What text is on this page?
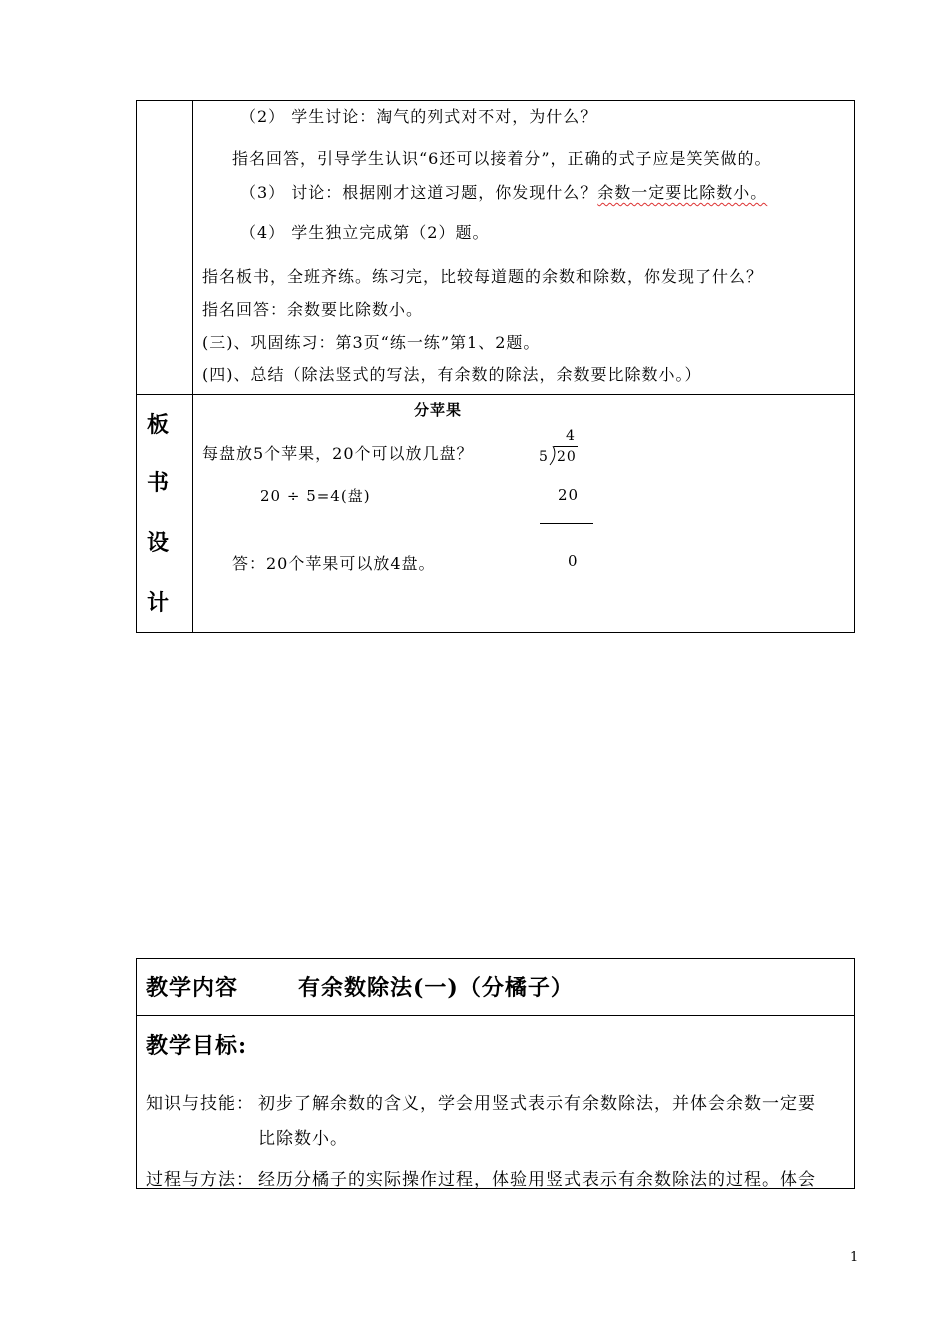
（2） 学生讨论：淘气的列式对不对，为什么？
指名回答，引导学生认识“6还可以接着分”，正确的式子应是笑笑做的。
（3） 讨论：根据刚才这道习题，你发现什么？余数一定要比除数小。
（4） 学生独立完成第（2）题。
指名板书，全班齐练。练习完，比较每道题的余数和除数，你发现了什么？
指名回答：余数要比除数小。
(三)、巩固练习：第3页“练一练”第1、2题。
(四)、总结（除法竖式的写法，有余数的除法，余数要比除数小。）
板
书
设
计
分苹果
每盘放5个苹果，20个可以放几盘？
20 ÷ 5=4(盘)
答：20个苹果可以放4盘。
4
5 20
20
0
教学内容	有余数除法(一)（分橘子）
教学目标:
知识与技能： 初步了解余数的含义，学会用竖式表示有余数除法，并体会余数一定要
比除数小。
过程与方法： 经历分橘子的实际操作过程，体验用竖式表示有余数除法的过程。体会
1
